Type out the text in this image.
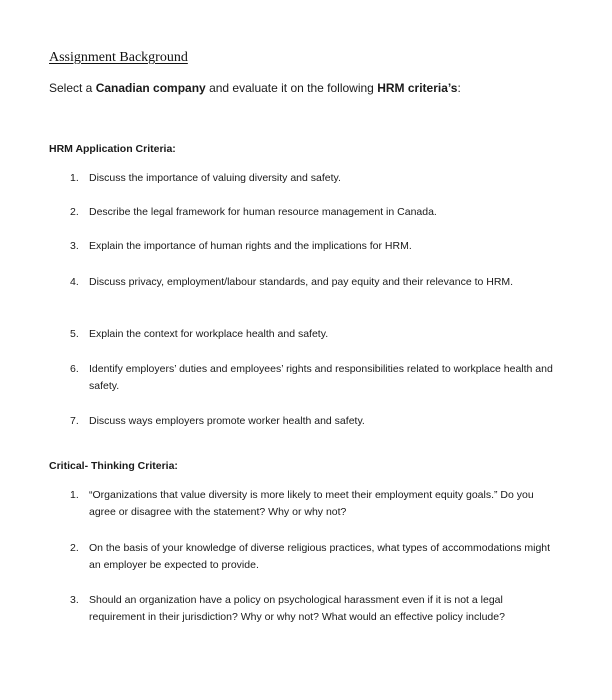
Assignment Background

Select a Canadian company and evaluate it on the following HRM criteria’s:

HRM Application Criteria:
1. Discuss the importance of valuing diversity and safety.
2. Describe the legal framework for human resource management in Canada.
3. Explain the importance of human rights and the implications for HRM.
4. Discuss privacy, employment/labour standards, and pay equity and their relevance to HRM.
5. Explain the context for workplace health and safety.
6. Identify employers’ duties and employees’ rights and responsibilities related to workplace health and safety.
7. Discuss ways employers promote worker health and safety.
Critical- Thinking Criteria:
1. “Organizations that value diversity is more likely to meet their employment equity goals.” Do you agree or disagree with the statement? Why or why not?
2. On the basis of your knowledge of diverse religious practices, what types of accommodations might an employer be expected to provide.
3. Should an organization have a policy on psychological harassment even if it is not a legal requirement in their jurisdiction? Why or why not? What would an effective policy include?
